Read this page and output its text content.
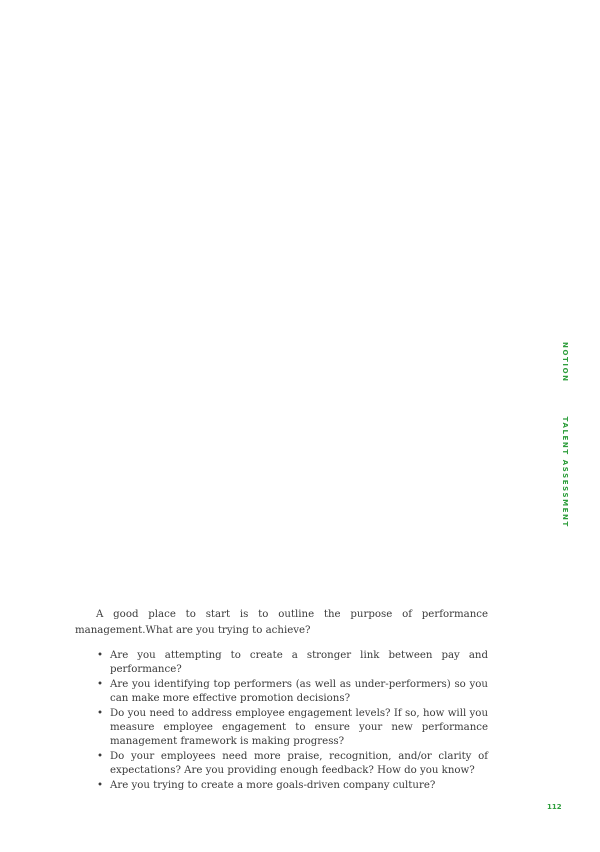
NOTIONTALENT ASSESSMENT

A good place to start is to outline the purpose of performance management.What are you trying to achieve?

• Are you attempting to create a stronger link between pay and performance?
• Are you identifying top performers (as well as under-performers) so you can make more effective promotion decisions?
• Do you need to address employee engagement levels? If so, how will you measure employee engagement to ensure your new performance management framework is making progress?
• Do your employees need more praise, recognition, and/or clarity of expectations? Are you providing enough feedback? How do you know?
• Are you trying to create a more goals-driven company culture?
112
